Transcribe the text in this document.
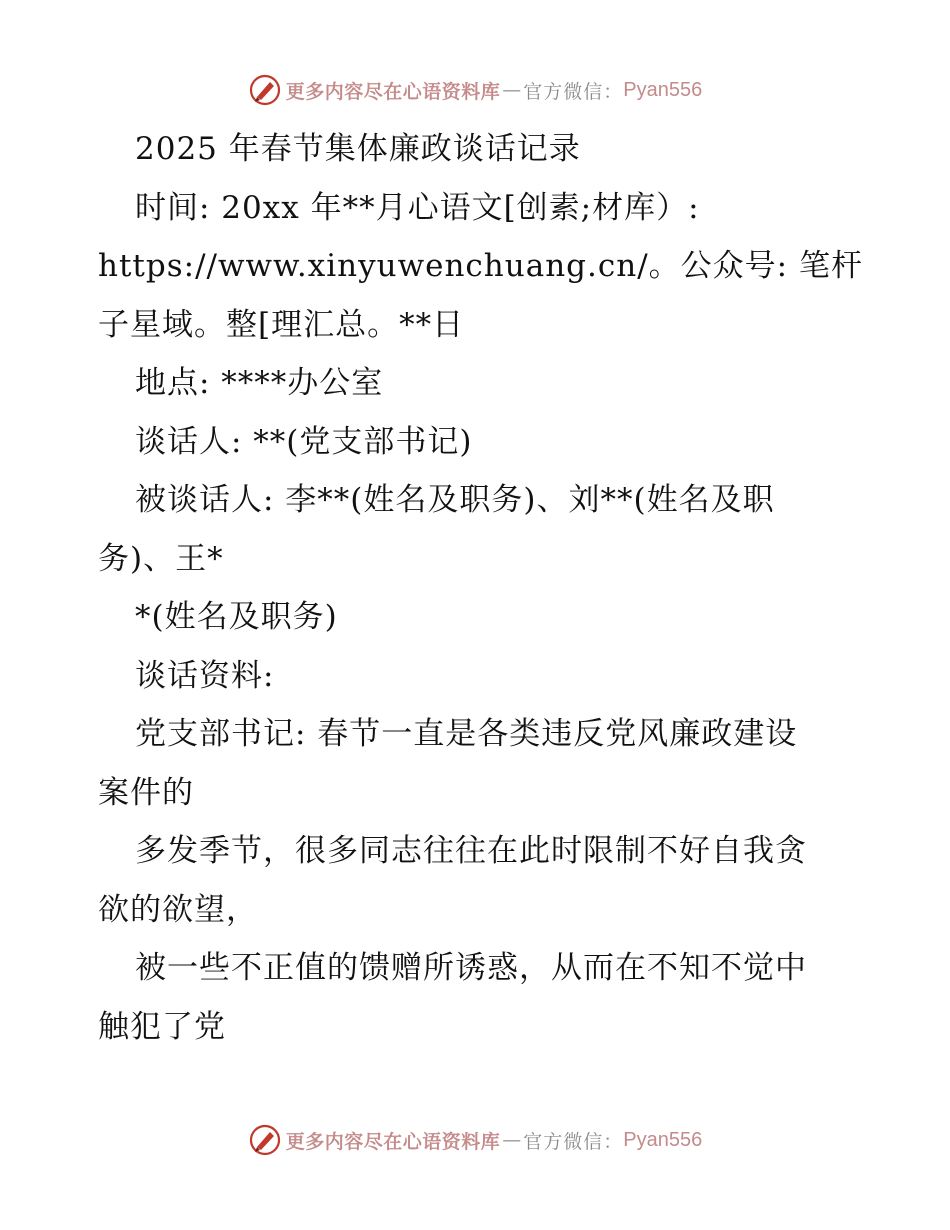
更多内容尽在心语资料库 — 官方微信： Pyan556
2025 年春节集体廉政谈话记录
时间: 20xx 年**月心语文[创素;材库）:
https://www.xinyuwenchuang.cn/。公众号: 笔杆
子星域。整[理汇总。**日
地点: ****办公室
谈话人: **(党支部书记)
被谈话人: 李**(姓名及职务)、刘**(姓名及职
务)、王*
*(姓名及职务)
谈话资料:
党支部书记: 春节一直是各类违反党风廉政建设
案件的
多发季节，很多同志往往在此时限制不好自我贪
欲的欲望，
被一些不正值的馈赠所诱惑，从而在不知不觉中
触犯了党
更多内容尽在心语资料库 — 官方微信： Pyan556
